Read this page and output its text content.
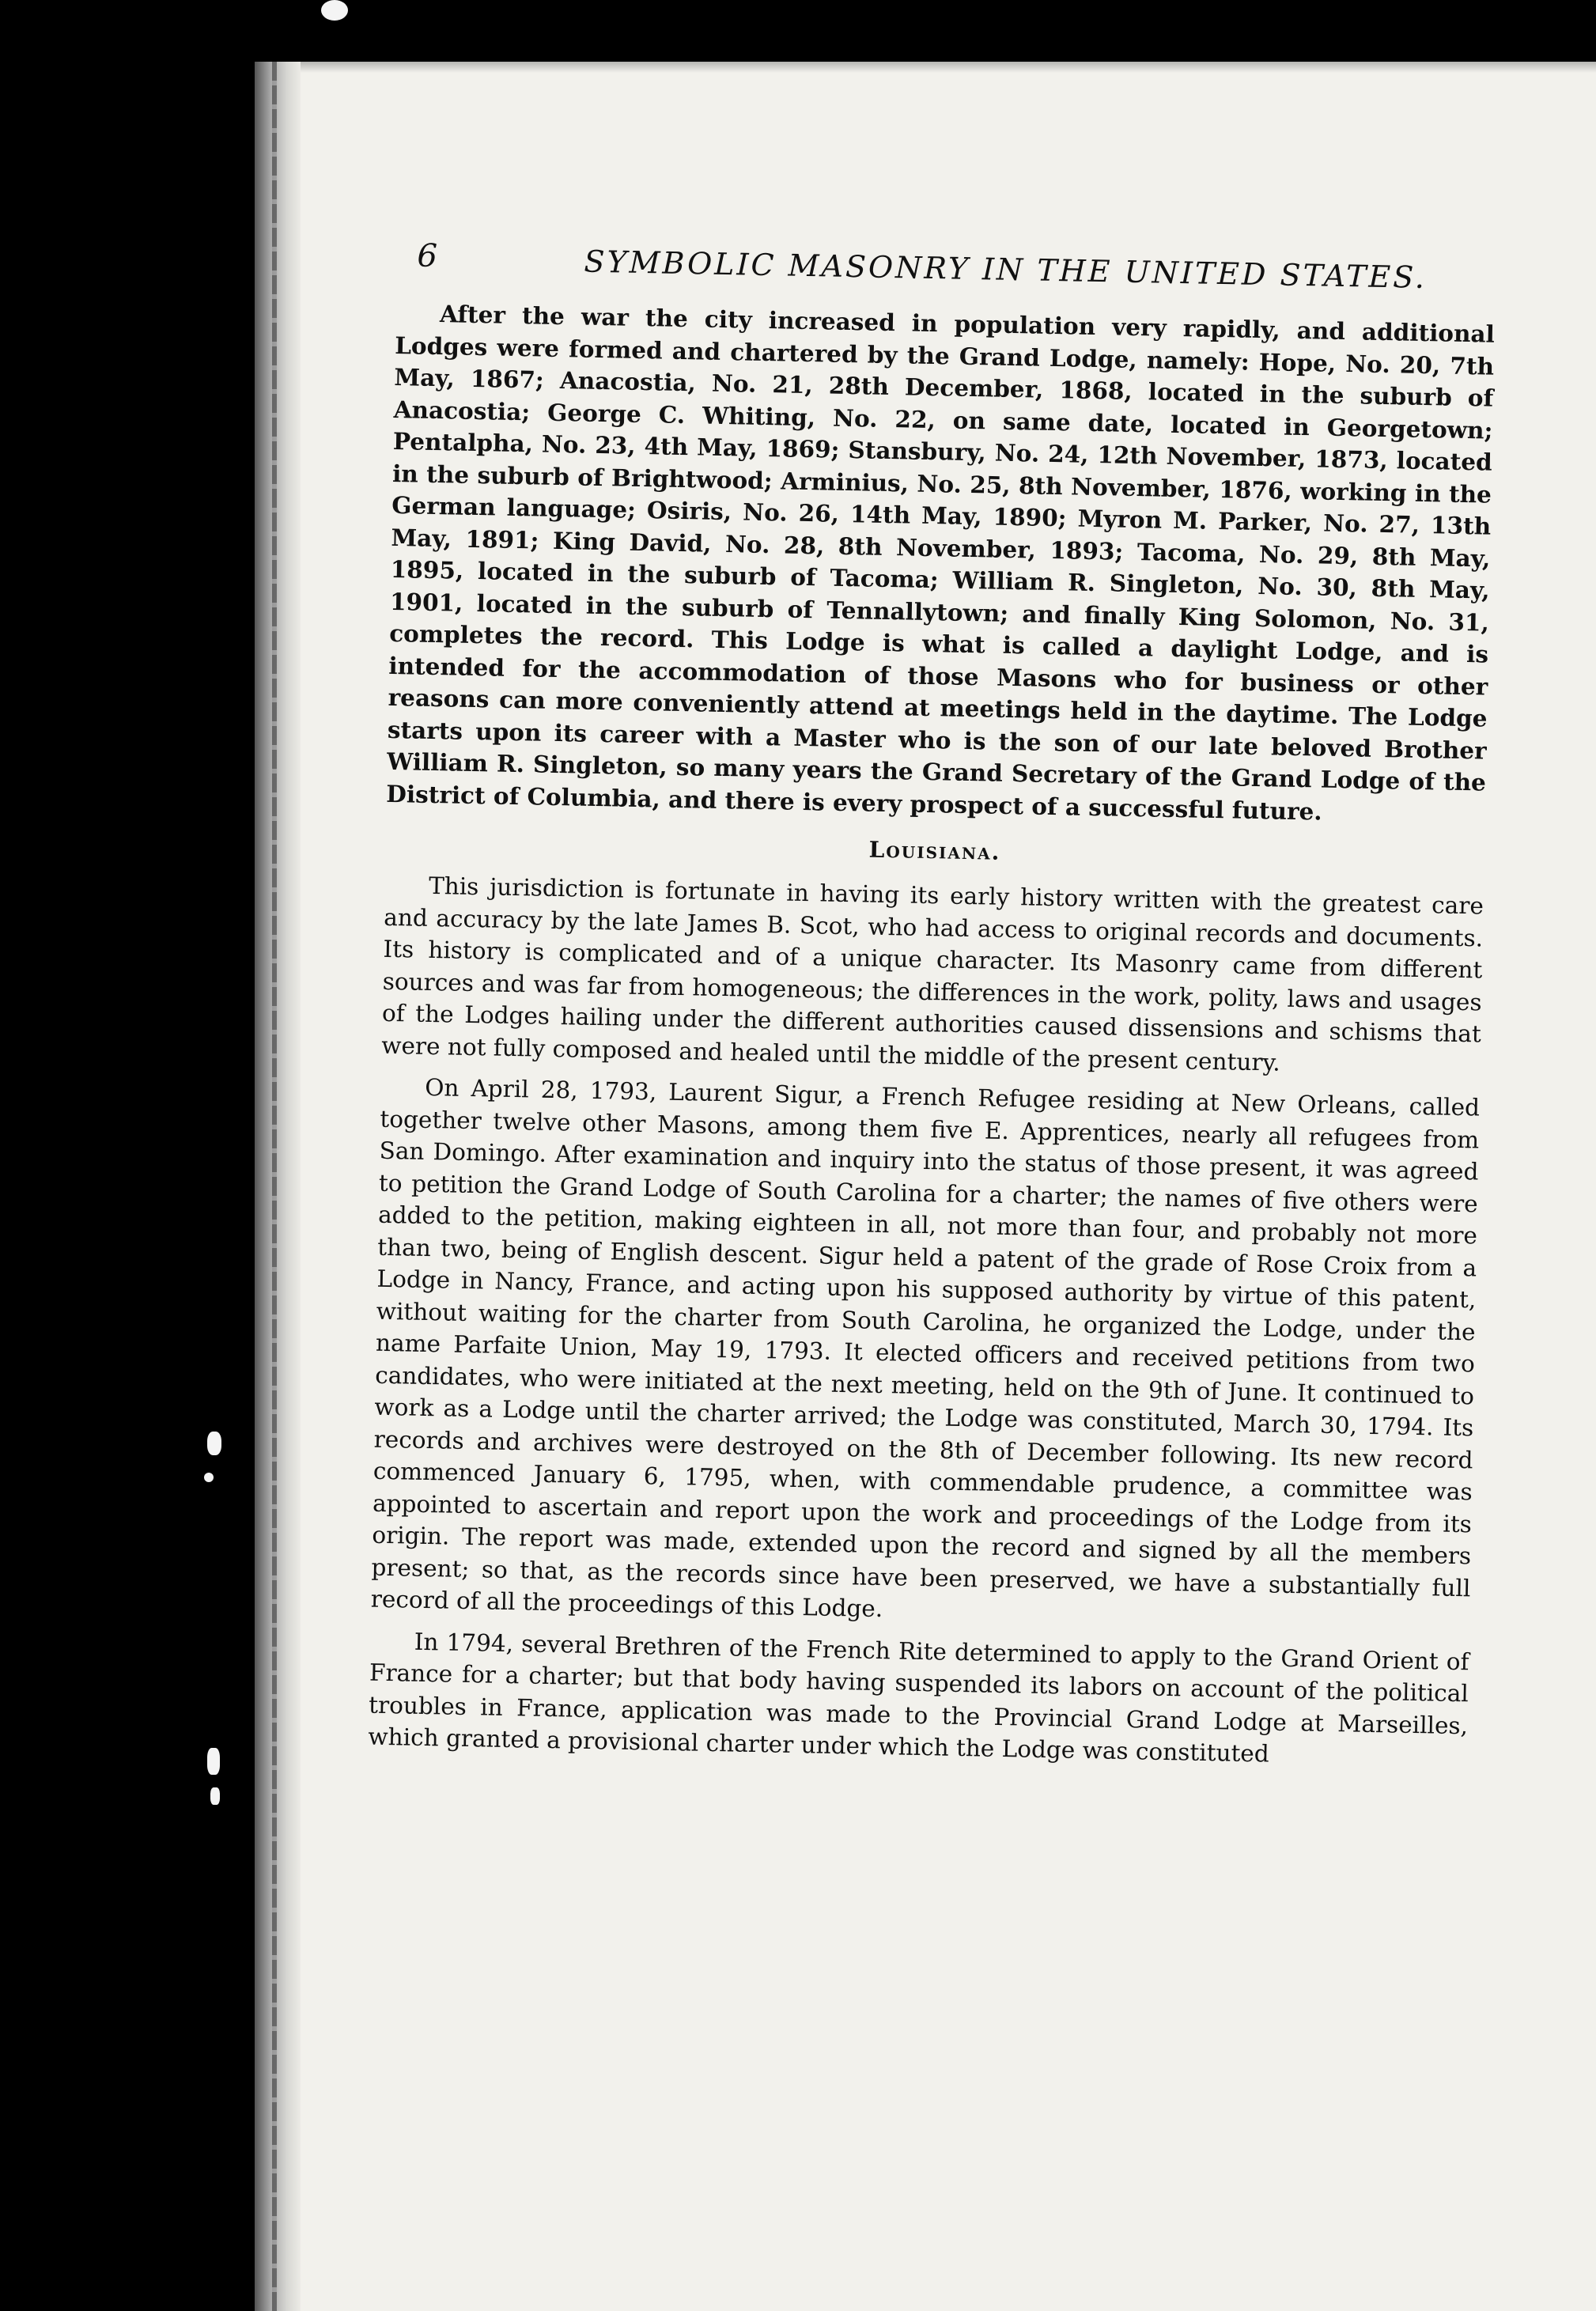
6	SYMBOLIC MASONRY IN THE UNITED STATES.

After the war the city increased in population very rapidly, and additional Lodges were formed and chartered by the Grand Lodge, namely: Hope, No. 20, 7th May, 1867; Anacostia, No. 21, 28th December, 1868, located in the suburb of Anacostia; George C. Whiting, No. 22, on same date, located in Georgetown; Pentalpha, No. 23, 4th May, 1869; Stansbury, No. 24, 12th November, 1873, located in the suburb of Brightwood; Arminius, No. 25, 8th November, 1876, working in the German language; Osiris, No. 26, 14th May, 1890; Myron M. Parker, No. 27, 13th May, 1891; King David, No. 28, 8th November, 1893; Tacoma, No. 29, 8th May, 1895, located in the suburb of Tacoma; William R. Singleton, No. 30, 8th May, 1901, located in the suburb of Tennallytown; and finally King Solomon, No. 31, completes the record. This Lodge is what is called a daylight Lodge, and is intended for the accommodation of those Masons who for business or other reasons can more conveniently attend at meetings held in the daytime. The Lodge starts upon its career with a Master who is the son of our late beloved Brother William R. Singleton, so many years the Grand Secretary of the Grand Lodge of the District of Columbia, and there is every prospect of a successful future.

Louisiana.

This jurisdiction is fortunate in having its early history written with the greatest care and accuracy by the late James B. Scot, who had access to original records and documents. Its history is complicated and of a unique character. Its Masonry came from different sources and was far from homogeneous; the differences in the work, polity, laws and usages of the Lodges hailing under the different authorities caused dissensions and schisms that were not fully composed and healed until the middle of the present century.

On April 28, 1793, Laurent Sigur, a French Refugee residing at New Orleans, called together twelve other Masons, among them five E. Apprentices, nearly all refugees from San Domingo. After examination and inquiry into the status of those present, it was agreed to petition the Grand Lodge of South Carolina for a charter; the names of five others were added to the petition, making eighteen in all, not more than four, and probably not more than two, being of English descent. Sigur held a patent of the grade of Rose Croix from a Lodge in Nancy, France, and acting upon his supposed authority by virtue of this patent, without waiting for the charter from South Carolina, he organized the Lodge, under the name Parfaite Union, May 19, 1793. It elected officers and received petitions from two candidates, who were initiated at the next meeting, held on the 9th of June. It continued to work as a Lodge until the charter arrived; the Lodge was constituted, March 30, 1794. Its records and archives were destroyed on the 8th of December following. Its new record commenced January 6, 1795, when, with commendable prudence, a committee was appointed to ascertain and report upon the work and proceedings of the Lodge from its origin. The report was made, extended upon the record and signed by all the members present; so that, as the records since have been preserved, we have a substantially full record of all the proceedings of this Lodge.

In 1794, several Brethren of the French Rite determined to apply to the Grand Orient of France for a charter; but that body having suspended its labors on account of the political troubles in France, application was made to the Provincial Grand Lodge at Marseilles, which granted a provisional charter under which the Lodge was constituted
